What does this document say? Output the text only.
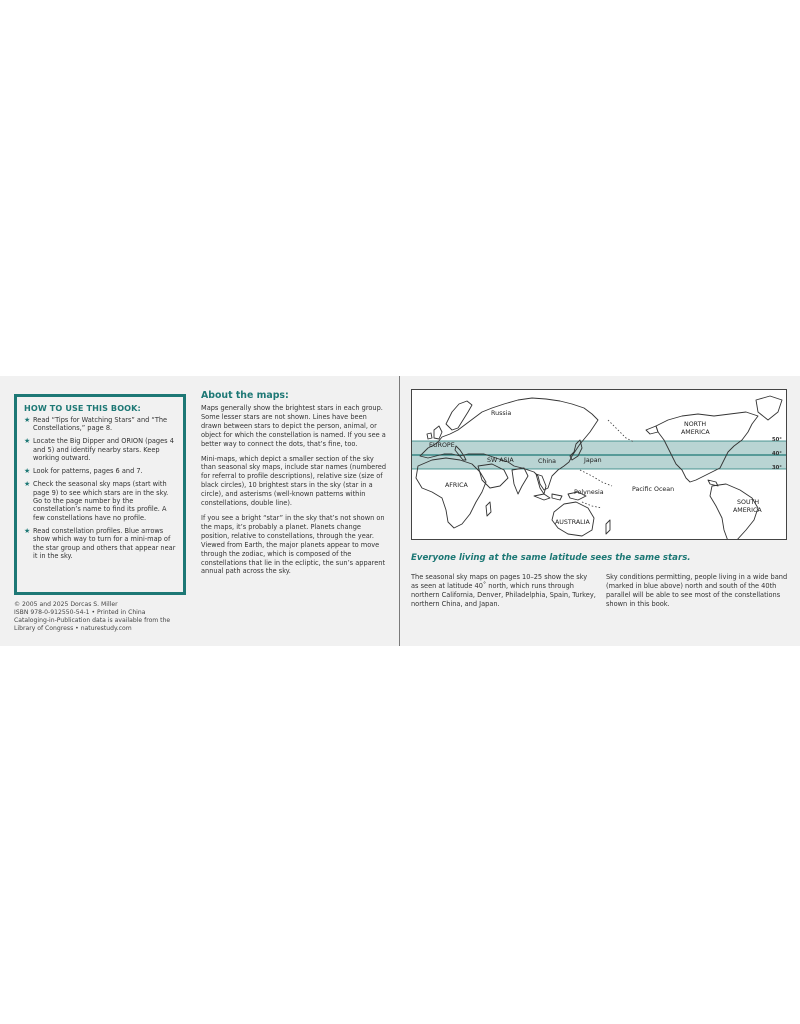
HOW TO USE THIS BOOK:
★ Read “Tips for Watching Stars” and “The Constellations,” page 8.
★ Locate the Big Dipper and ORION (pages 4 and 5) and identify nearby stars. Keep working outward.
★ Look for patterns, pages 6 and 7.
★ Check the seasonal sky maps (start with page 9) to see which stars are in the sky. Go to the page number by the constellation’s name to find its profile. A few constellations have no profile.
★ Read constellation profiles. Blue arrows show which way to turn for a mini-map of the star group and others that appear near it in the sky.
© 2005 and 2025 Dorcas S. Miller
ISBN 978-0-912550-54-1 • Printed in China
Cataloging-in-Publication data is available from the
Library of Congress • naturestudy.com
About the maps:

Maps generally show the brightest stars in each group. Some lesser stars are not shown. Lines have been drawn between stars to depict the person, animal, or object for which the constellation is named. If you see a better way to connect the dots, that’s fine, too.

Mini-maps, which depict a smaller section of the sky than seasonal sky maps, include star names (numbered for referral to profile descriptions), relative size (size of black circles), 10 brightest stars in the sky (star in a circle), and asterisms (well-known patterns within constellations, double line).

If you see a bright “star” in the sky that’s not shown on the maps, it’s probably a planet. Planets change position, relative to constellations, through the year. Viewed from Earth, the major planets appear to move through the zodiac, which is composed of the constellations that lie in the ecliptic, the sun’s apparent annual path across the sky.

Russia
EUROPE
SW ASIA	China	Japan
NORTH
AMERICA
AFRICA
Polynesia	Pacific Ocean
AUSTRALIA
SOUTH
AMERICA
50°
40°
30°
Everyone living at the same latitude sees the same stars.
The seasonal sky maps on pages 10–25 show the sky as seen at latitude 40˚ north, which runs through northern California, Denver, Philadelphia, Spain, Turkey, northern China, and Japan.
Sky conditions permitting, people living in a wide band (marked in blue above) north and south of the 40th parallel will be able to see most of the constellations shown in this book.
